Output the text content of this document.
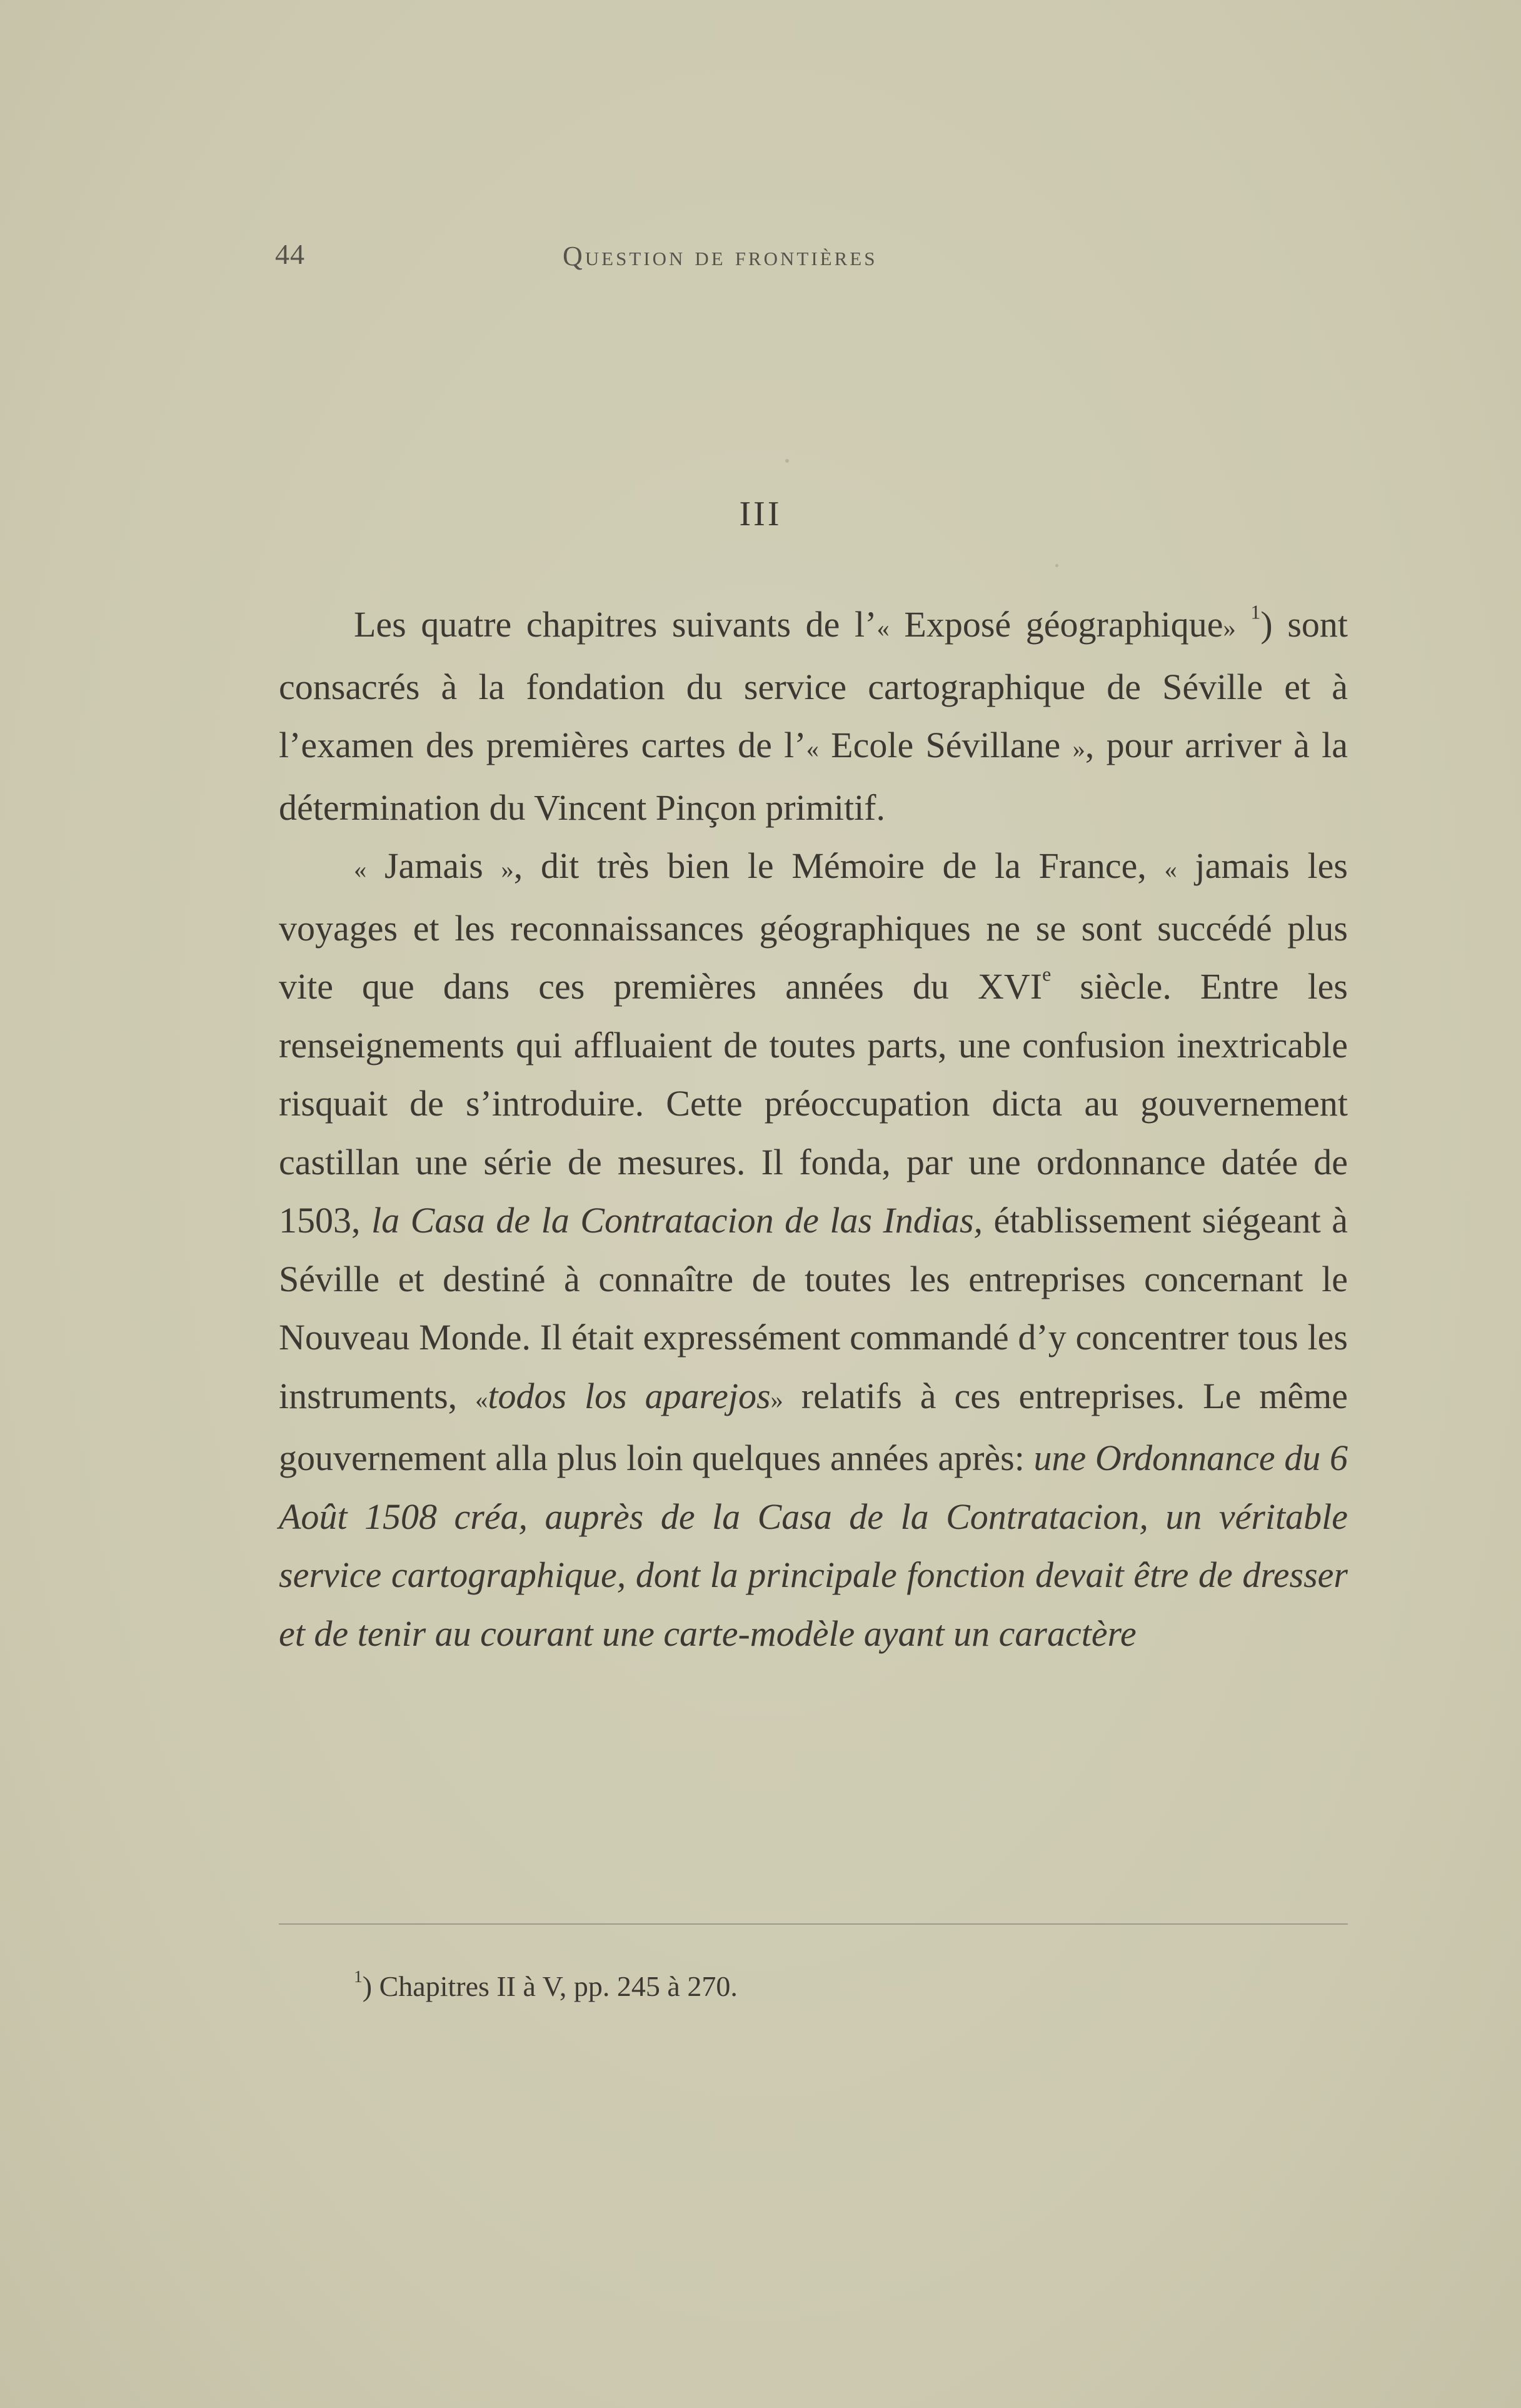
44	Question de frontières
III

Les quatre chapitres suivants de l’« Exposé géographique» $^1$) sont consacrés à la fondation du service cartographique de Séville et à l’examen des premières cartes de l’« Ecole Sévillane », pour arriver à la détermination du Vincent Pinçon primitif.

« Jamais », dit très bien le Mémoire de la France, « jamais les voyages et les reconnaissances géographiques ne se sont succédé plus vite que dans ces premières années du XVIe siècle. Entre les renseignements qui affluaient de toutes parts, une confusion inextricable risquait de s’introduire. Cette préoccupation dicta au gouvernement castillan une série de mesures. Il fonda, par une ordonnance datée de 1503, la Casa de la Contratacion de las Indias, établissement siégeant à Séville et destiné à connaître de toutes les entreprises concernant le Nouveau Monde. Il était expressément commandé d’y concentrer tous les instruments, «todos los aparejos» relatifs à ces entreprises. Le même gouvernement alla plus loin quelques années après: une Ordonnance du 6 Août 1508 créa, auprès de la Casa de la Contratacion, un véritable service cartographique, dont la principale fonction devait être de dresser et de tenir au courant une carte-modèle ayant un caractère

$^1$) Chapitres II à V, pp. 245 à 270.
